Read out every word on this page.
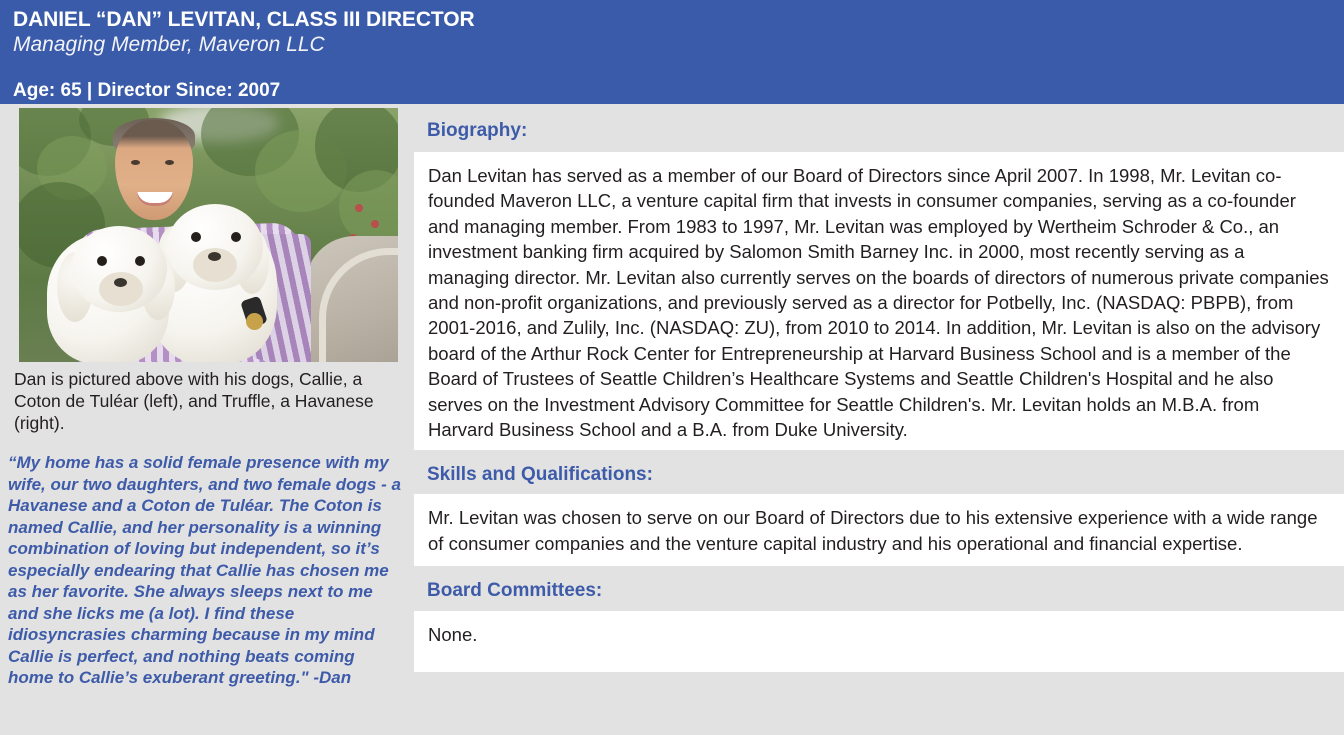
DANIEL “DAN” LEVITAN, CLASS III DIRECTOR
Managing Member, Maveron LLC
Age: 65 | Director Since: 2007
Dan is pictured above with his dogs, Callie, a Coton de Tuléar (left), and Truffle, a Havanese (right).
“My home has a solid female presence with my wife, our two daughters, and two female dogs - a Havanese and a Coton de Tuléar. The Coton is named Callie, and her personality is a winning combination of loving but independent, so it’s especially endearing that Callie has chosen me as her favorite. She always sleeps next to me and she licks me (a lot). I find these idiosyncrasies charming because in my mind Callie is perfect, and nothing beats coming home to Callie’s exuberant greeting." -Dan
Biography:
Dan Levitan has served as a member of our Board of Directors since April 2007. In 1998, Mr. Levitan co-founded Maveron LLC, a venture capital firm that invests in consumer companies, serving as a co-founder and managing member. From 1983 to 1997, Mr. Levitan was employed by Wertheim Schroder & Co., an investment banking firm acquired by Salomon Smith Barney Inc. in 2000, most recently serving as a managing director. Mr. Levitan also currently serves on the boards of directors of numerous private companies and non-profit organizations, and previously served as a director for Potbelly, Inc. (NASDAQ: PBPB), from 2001-2016, and Zulily, Inc. (NASDAQ: ZU), from 2010 to 2014. In addition, Mr. Levitan is also on the advisory board of the Arthur Rock Center for Entrepreneurship at Harvard Business School and is a member of the Board of Trustees of Seattle Children’s Healthcare Systems and Seattle Children's Hospital and he also serves on the Investment Advisory Committee for Seattle Children's. Mr. Levitan holds an M.B.A. from Harvard Business School and a B.A. from Duke University.
Skills and Qualifications:
Mr. Levitan was chosen to serve on our Board of Directors due to his extensive experience with a wide range of consumer companies and the venture capital industry and his operational and financial expertise.
Board Committees:
None.
